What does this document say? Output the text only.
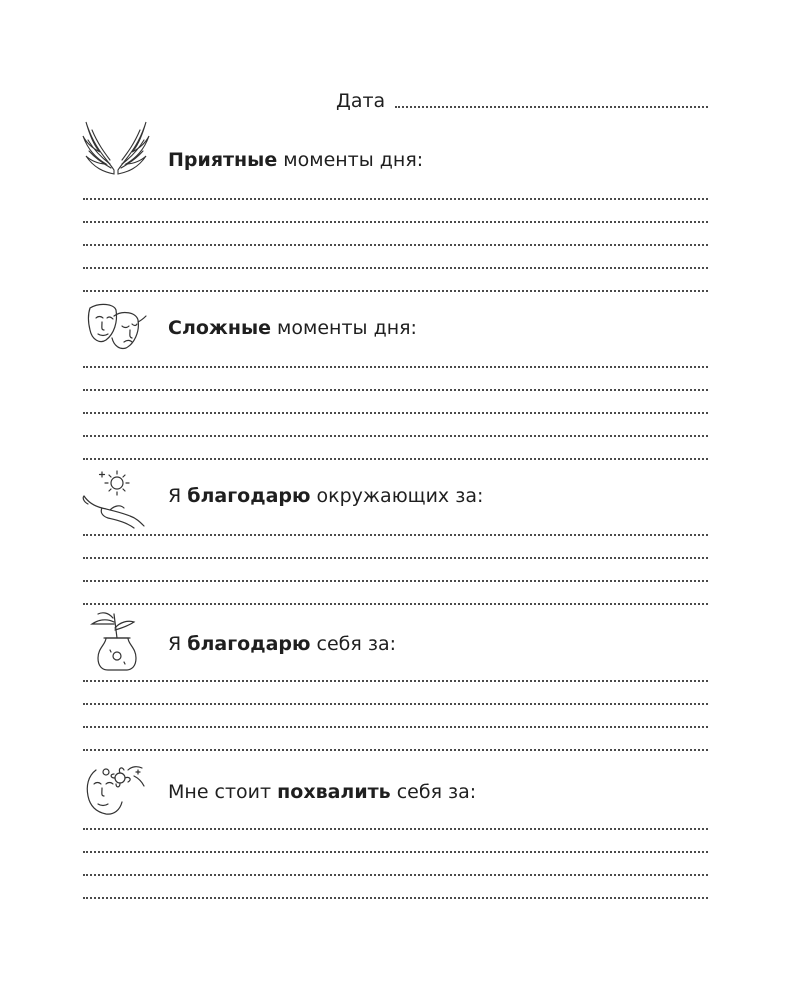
Дата
Приятные моменты дня:
Сложные моменты дня:
Я благодарю окружающих за:
Я благодарю себя за:
Мне стоит похвалить себя за:
